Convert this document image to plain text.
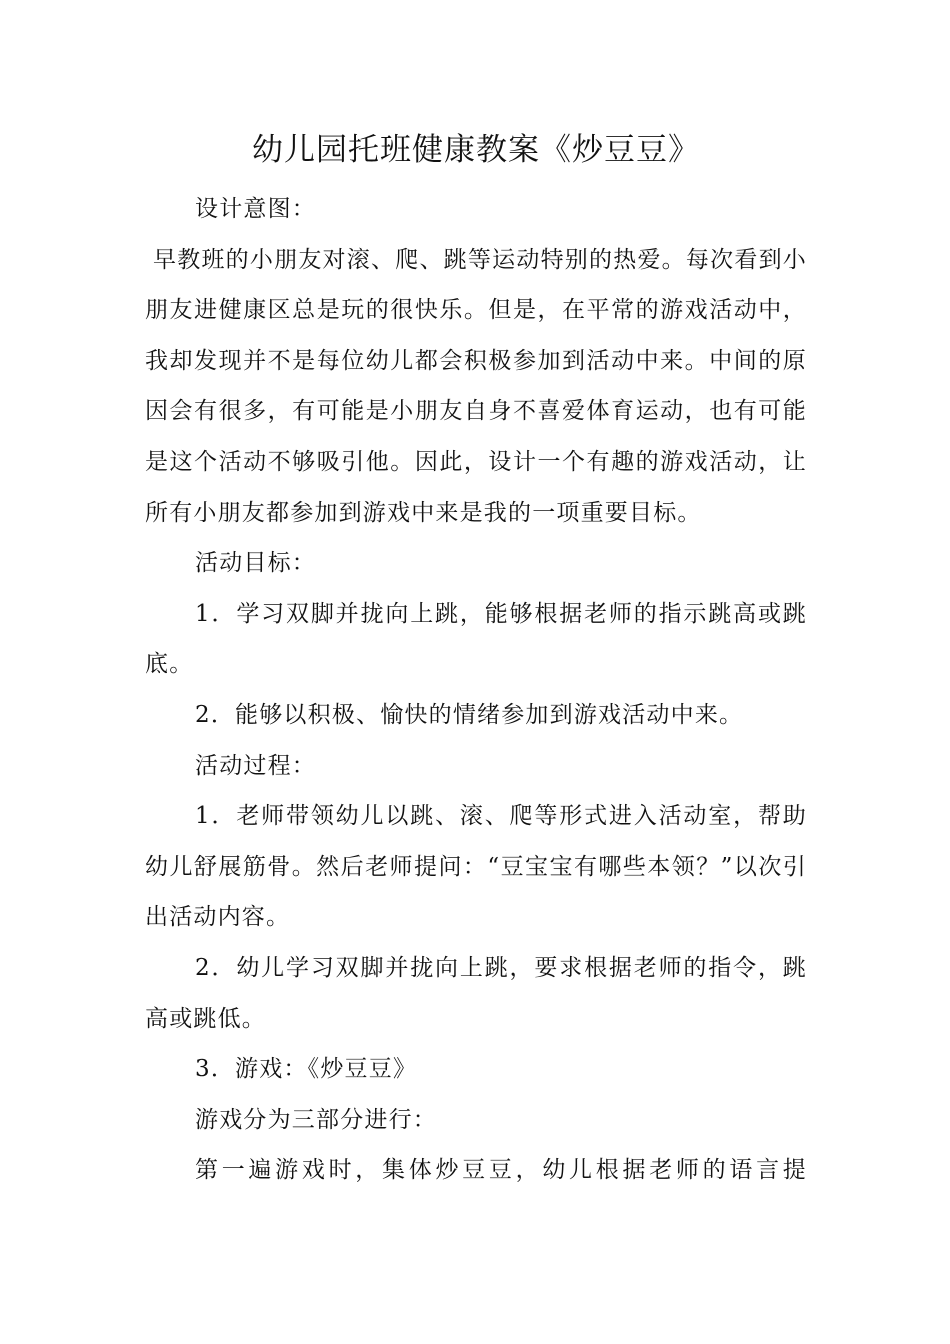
幼儿园托班健康教案《炒豆豆》

设计意图：

早教班的小朋友对滚、爬、跳等运动特别的热爱。每次看到小朋友进健康区总是玩的很快乐。但是，在平常的游戏活动中，我却发现并不是每位幼儿都会积极参加到活动中来。中间的原因会有很多，有可能是小朋友自身不喜爱体育运动，也有可能是这个活动不够吸引他。因此，设计一个有趣的游戏活动，让所有小朋友都参加到游戏中来是我的一项重要目标。

活动目标：

1．学习双脚并拢向上跳，能够根据老师的指示跳高或跳底。

2．能够以积极、愉快的情绪参加到游戏活动中来。

活动过程：

1．老师带领幼儿以跳、滚、爬等形式进入活动室，帮助幼儿舒展筋骨。然后老师提问：“豆宝宝有哪些本领？”以次引出活动内容。

2．幼儿学习双脚并拢向上跳，要求根据老师的指令，跳高或跳低。

3．游戏：《炒豆豆》

游戏分为三部分进行：

第一遍游戏时，集体炒豆豆，幼儿根据老师的语言提
